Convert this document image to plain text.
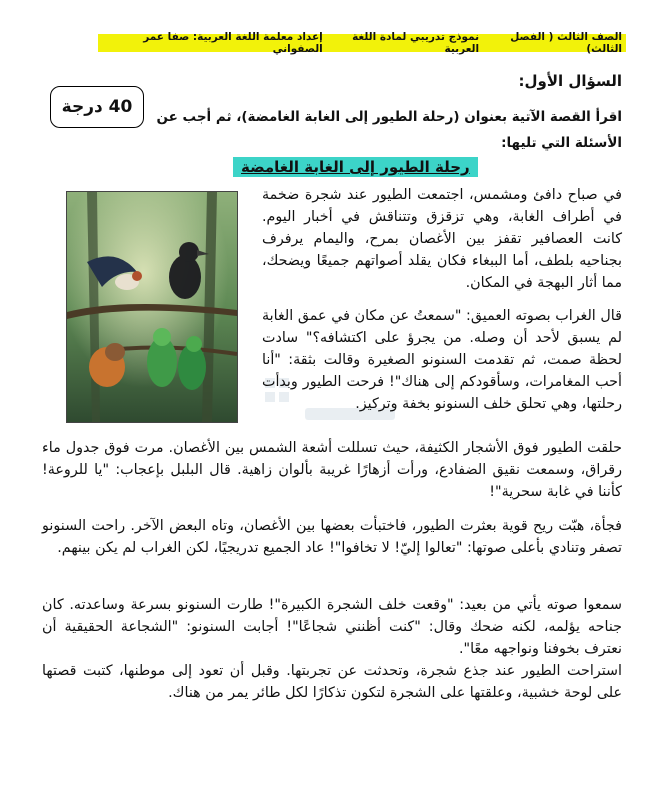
الصف الثالث ( الفصل الثالث)
نموذج تدريبي لمادة اللغة العربية
إعداد معلمة اللغة العربية: صفا عمر الصفواني
السؤال الأول:
40 درجة	اقرأ القصة الآتية بعنوان (رحلة الطيور إلى الغابة الغامضة)، ثم أجب عن الأسئلة التي تليها:
رحلة الطيور إلى الغابة الغامضة
في صباح دافئ ومشمس، اجتمعت الطيور عند شجرة ضخمة في أطراف الغابة، وهي تزقزق وتتناقش في أخبار اليوم. كانت العصافير تقفز بين الأغصان بمرح، واليمام يرفرف بجناحيه بلطف، أما الببغاء فكان يقلد أصواتهم جميعًا ويضحك، مما أثار البهجة في المكان.
قال الغراب بصوته العميق: "سمعتُ عن مكان في عمق الغابة لم يسبق لأحد أن وصله. من يجرؤ على اكتشافه؟" سادت لحظة صمت، ثم تقدمت السنونو الصغيرة وقالت بثقة: "أنا أحب المغامرات، وسأقودكم إلى هناك"! فرحت الطيور وبدأت رحلتها، وهي تحلق خلف السنونو بخفة وتركيز.
حلقت الطيور فوق الأشجار الكثيفة، حيث تسللت أشعة الشمس بين الأغصان. مرت فوق جدول ماء رقراق، وسمعت نقيق الضفادع، ورأت أزهارًا غريبة بألوان زاهية. قال البلبل بإعجاب: "يا للروعة! كأننا في غابة سحرية"!
فجأة، هبّت ريح قوية بعثرت الطيور، فاختبأت بعضها بين الأغصان، وتاه البعض الآخر. راحت السنونو تصفر وتنادي بأعلى صوتها: "تعالوا إليّ! لا تخافوا"! عاد الجميع تدريجيًا، لكن الغراب لم يكن بينهم.
سمعوا صوته يأتي من بعيد: "وقعت خلف الشجرة الكبيرة"! طارت السنونو بسرعة وساعدته. كان جناحه يؤلمه، لكنه ضحك وقال: "كنت أظنني شجاعًا"! أجابت السنونو: "الشجاعة الحقيقية أن نعترف بخوفنا ونواجهه معًا".
استراحت الطيور عند جذع شجرة، وتحدثت عن تجربتها. وقبل أن تعود إلى موطنها، كتبت قصتها على لوحة خشبية، وعلقتها على الشجرة لتكون تذكارًا لكل طائر يمر من هناك.
